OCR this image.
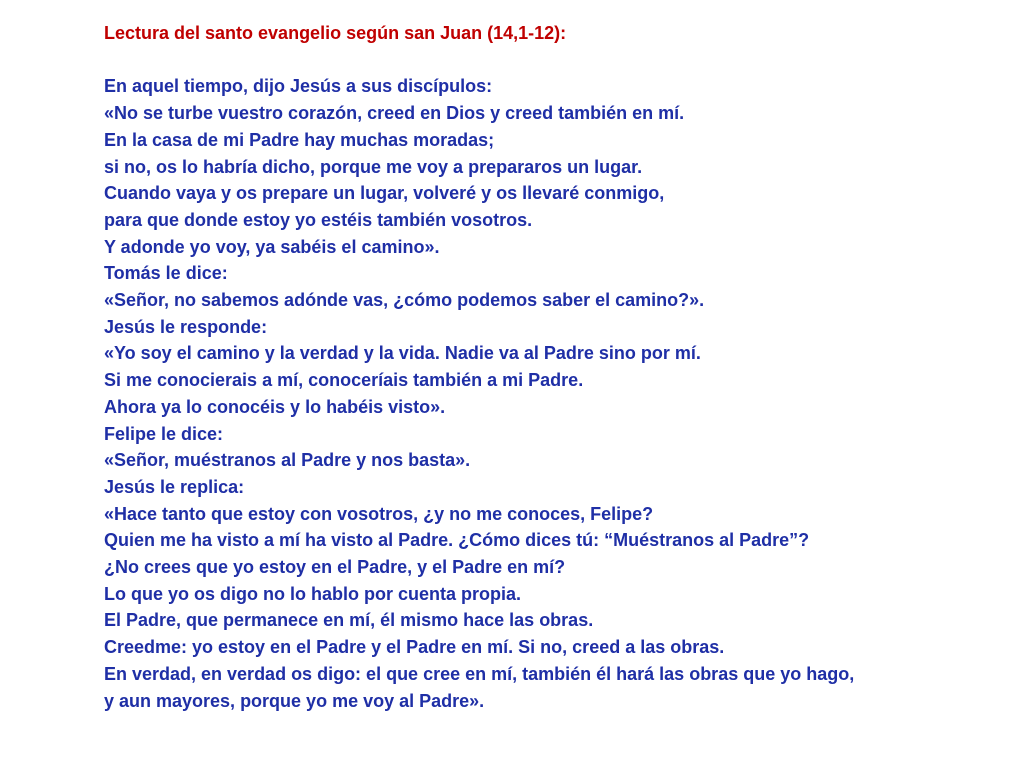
Lectura del santo evangelio según san Juan (14,1-12):

En aquel tiempo, dijo Jesús a sus discípulos:

«No se turbe vuestro corazón, creed en Dios y creed también en mí.

En la casa de mi Padre hay muchas moradas;

si no, os lo habría dicho, porque me voy a prepararos un lugar.

Cuando vaya y os prepare un lugar, volveré y os llevaré conmigo,

para que donde estoy yo estéis también vosotros.

Y adonde yo voy, ya sabéis el camino».

Tomás le dice:

«Señor, no sabemos adónde vas, ¿cómo podemos saber el camino?».

Jesús le responde:

«Yo soy el camino y la verdad y la vida. Nadie va al Padre sino por mí.

Si me conocierais a mí, conoceríais también a mi Padre.

Ahora ya lo conocéis y lo habéis visto».

Felipe le dice:

«Señor, muéstranos al Padre y nos basta».

Jesús le replica:

«Hace tanto que estoy con vosotros, ¿y no me conoces, Felipe?

Quien me ha visto a mí ha visto al Padre. ¿Cómo dices tú: “Muéstranos al Padre”?

¿No crees que yo estoy en el Padre, y el Padre en mí?

Lo que yo os digo no lo hablo por cuenta propia.

El Padre, que permanece en mí, él mismo hace las obras.

Creedme: yo estoy en el Padre y el Padre en mí. Si no, creed a las obras.

En verdad, en verdad os digo: el que cree en mí, también él hará las obras que yo hago,

y aun mayores, porque yo me voy al Padre».
